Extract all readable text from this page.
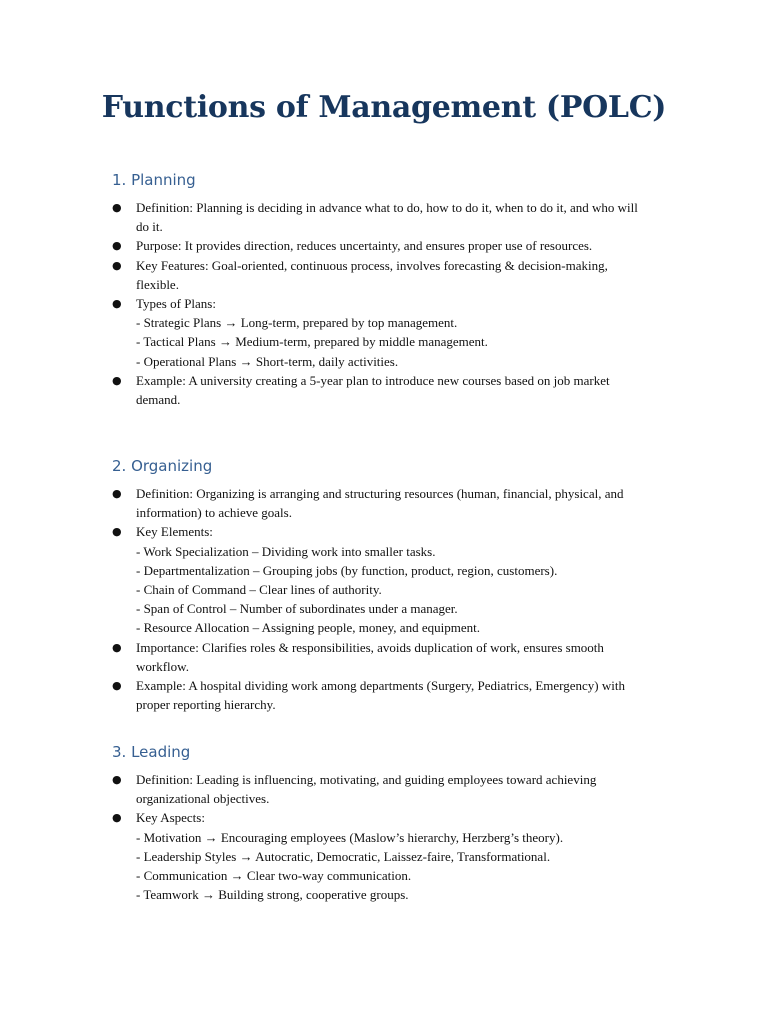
Functions of Management (POLC)
1. Planning
● Definition: Planning is deciding in advance what to do, how to do it, when to do it, and who will do it.
● Purpose: It provides direction, reduces uncertainty, and ensures proper use of resources.
● Key Features: Goal-oriented, continuous process, involves forecasting & decision-making, flexible.
● Types of Plans:
- Strategic Plans → Long-term, prepared by top management.
- Tactical Plans → Medium-term, prepared by middle management.
- Operational Plans → Short-term, daily activities.
● Example: A university creating a 5-year plan to introduce new courses based on job market demand.
2. Organizing
● Definition: Organizing is arranging and structuring resources (human, financial, physical, and information) to achieve goals.
● Key Elements:
- Work Specialization – Dividing work into smaller tasks.
- Departmentalization – Grouping jobs (by function, product, region, customers).
- Chain of Command – Clear lines of authority.
- Span of Control – Number of subordinates under a manager.
- Resource Allocation – Assigning people, money, and equipment.
● Importance: Clarifies roles & responsibilities, avoids duplication of work, ensures smooth workflow.
● Example: A hospital dividing work among departments (Surgery, Pediatrics, Emergency) with proper reporting hierarchy.
3. Leading
● Definition: Leading is influencing, motivating, and guiding employees toward achieving organizational objectives.
● Key Aspects:
- Motivation → Encouraging employees (Maslow’s hierarchy, Herzberg’s theory).
- Leadership Styles → Autocratic, Democratic, Laissez-faire, Transformational.
- Communication → Clear two-way communication.
- Teamwork → Building strong, cooperative groups.
